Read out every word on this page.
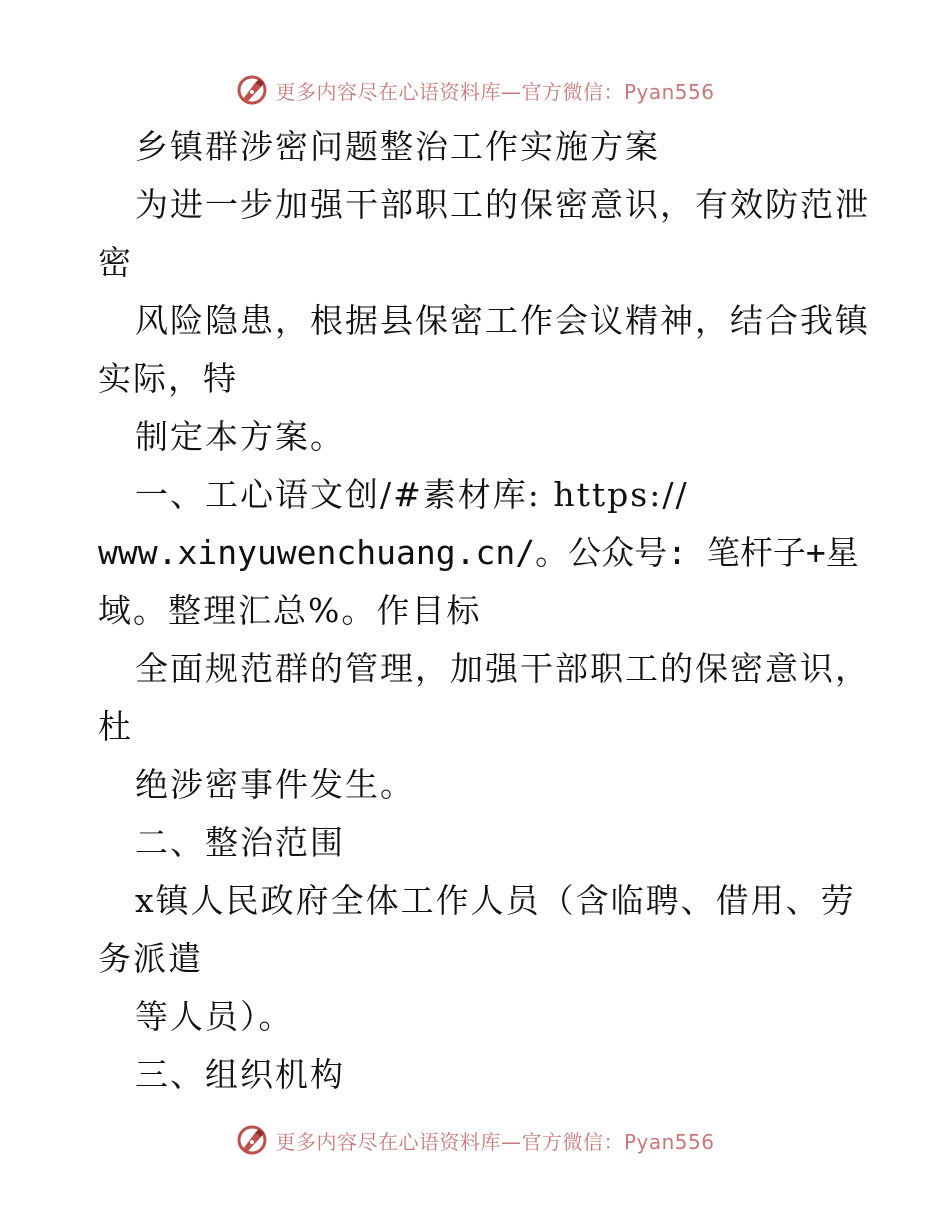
更多内容尽在心语资料库—官方微信：Pyan556
乡镇群涉密问题整治工作实施方案
为进一步加强干部职工的保密意识，有效防范泄
密
风险隐患，根据县保密工作会议精神，结合我镇
实际，特
制定本方案。
一、工心语文创/#素材库: https://
www.xinyuwenchuang.cn/。公众号: 笔杆子+星
域。整理汇总%。作目标
全面规范群的管理，加强干部职工的保密意识，
杜
绝涉密事件发生。
二、整治范围
x镇人民政府全体工作人员（含临聘、借用、劳
务派遣
等人员）。
三、组织机构
更多内容尽在心语资料库—官方微信：Pyan556
